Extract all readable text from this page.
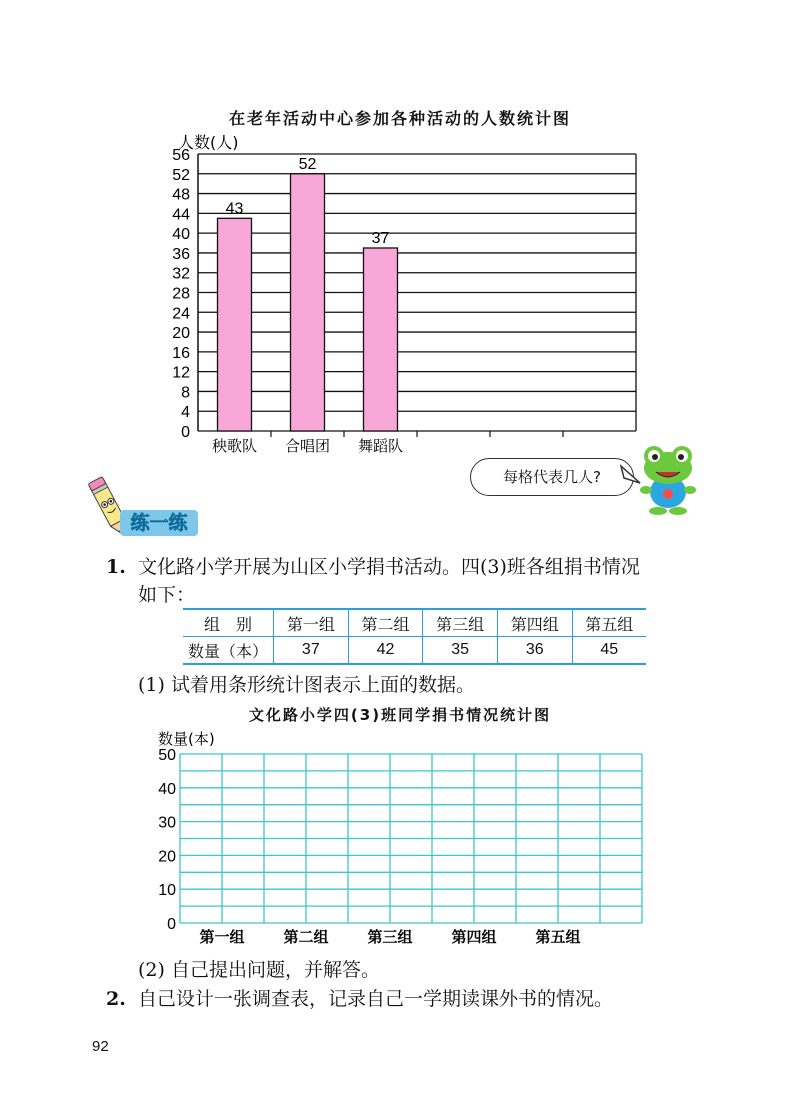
在老年活动中心参加各种活动的人数统计图
人数(人)
0
4
8
12
16
20
24
28
32
36
40
44
48
52
56
秧歌队
43
合唱团
52
舞蹈队
37
每格代表几人?
练一练
1. 文化路小学开展为山区小学捐书活动。四(3)班各组捐书情况
如下：
组　别	第一组	第二组	第三组	第四组	第五组
数量（本）	37	42	35	36	45
(1) 试着用条形统计图表示上面的数据。
文化路小学四(3)班同学捐书情况统计图
数量(本)
0
10
20
30
40
50
第一组	第二组	第三组	第四组	第五组
(2) 自己提出问题，并解答。
2. 自己设计一张调查表，记录自己一学期读课外书的情况。
92
